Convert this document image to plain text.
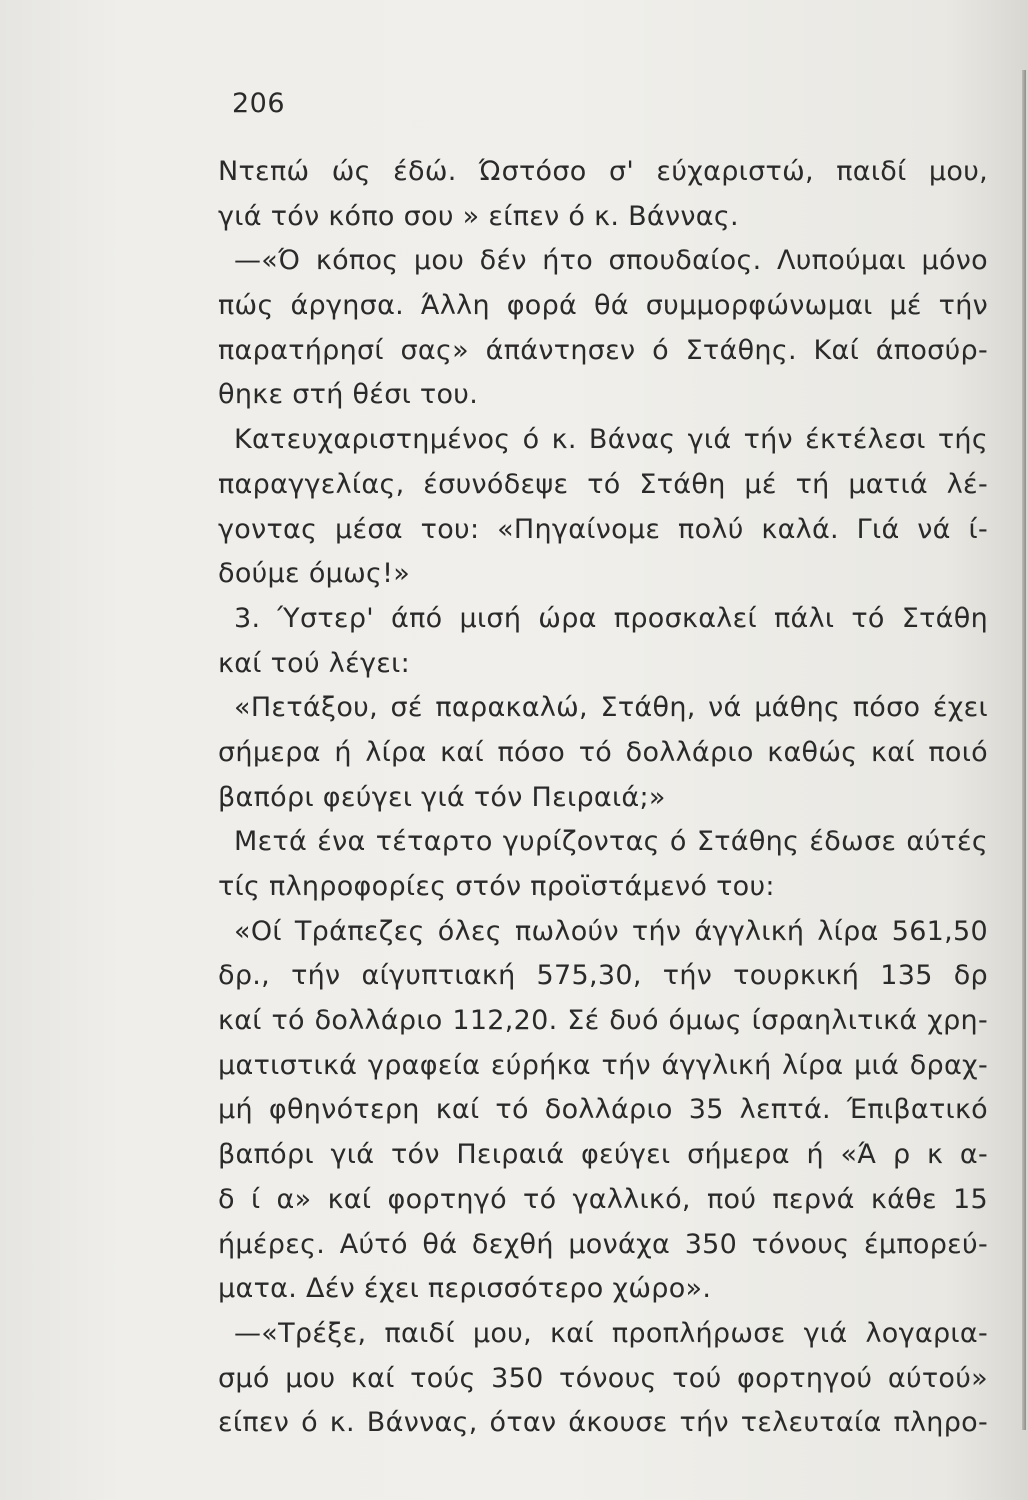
206
Ντεπώ ώς έδώ. Ώστόσο σ' εύχαριστώ, παιδί μου,
γιά τόν κόπο σου » είπεν ό κ. Βάννας.
—«Ό κόπος μου δέν ήτο σπουδαίος. Λυπούμαι μόνο
πώς άργησα. Άλλη φορά θά συμμορφώνωμαι μέ τήν
παρατήρησί σας» άπάντησεν ό Στάθης. Καί άποσύρ-
θηκε στή θέσι του.
Κατευχαριστημένος ό κ. Βάνας γιά τήν έκτέλεσι τής
παραγγελίας, έσυνόδεψε τό Στάθη μέ τή ματιά λέ-
γοντας μέσα του: «Πηγαίνομε πολύ καλά. Γιά νά ί-
δούμε όμως!»
3. Ύστερ' άπό μισή ώρα προσκαλεί πάλι τό Στάθη
καί τού λέγει:
«Πετάξου, σέ παρακαλώ, Στάθη, νά μάθης πόσο έχει
σήμερα ή λίρα καί πόσο τό δολλάριο καθώς καί ποιό
βαπόρι φεύγει γιά τόν Πειραιά;»
Μετά ένα τέταρτο γυρίζοντας ό Στάθης έδωσε αύτές
τίς πληροφορίες στόν προϊστάμενό του:
«Οί Τράπεζες όλες πωλούν τήν άγγλική λίρα 561,50
δρ., τήν αίγυπτιακή 575,30, τήν τουρκική 135 δρ
καί τό δολλάριο 112,20. Σέ δυό όμως ίσραηλιτικά χρη-
ματιστικά γραφεία εύρήκα τήν άγγλική λίρα μιά δραχ-
μή φθηνότερη καί τό δολλάριο 35 λεπτά. Έπιβατικό
βαπόρι γιά τόν Πειραιά φεύγει σήμερα ή «Ά ρ κ α-
δ ί α» καί φορτηγό τό γαλλικό, πού περνά κάθε 15
ήμέρες. Αύτό θά δεχθή μονάχα 350 τόνους έμπορεύ-
ματα. Δέν έχει περισσότερο χώρο».
—«Τρέξε, παιδί μου, καί προπλήρωσε γιά λογαρια-
σμό μου καί τούς 350 τόνους τού φορτηγού αύτού»
είπεν ό κ. Βάννας, όταν άκουσε τήν τελευταία πληρο-
